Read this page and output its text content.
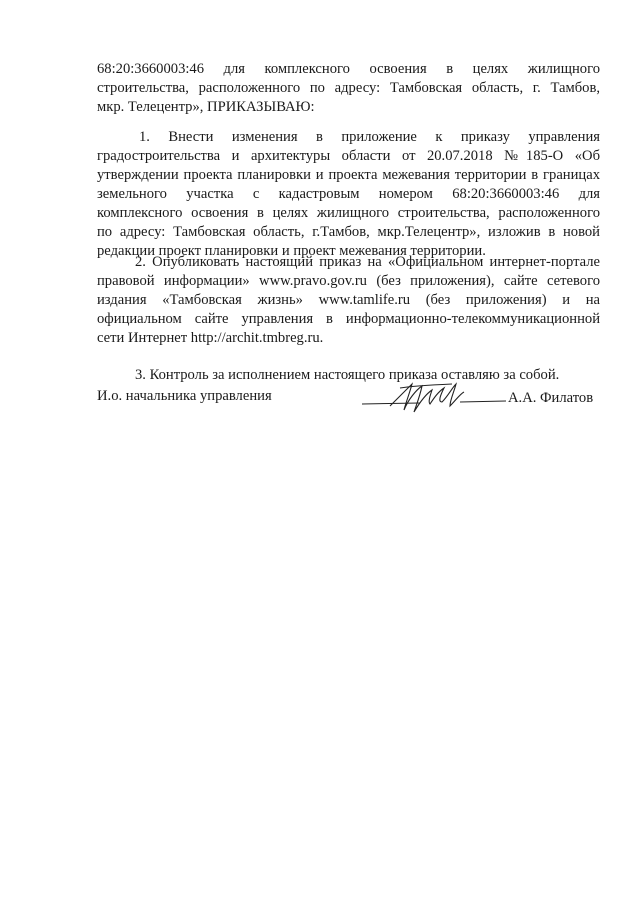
68:20:3660003:46 для комплексного освоения в целях жилищного
строительства, расположенного по адресу: Тамбовская область, г. Тамбов,
мкр. Телецентр», ПРИКАЗЫВАЮ:
1. Внести изменения в приложение к приказу управления
градостроительства и архитектуры области от 20.07.2018 №185-О «Об
утверждении проекта планировки и проекта межевания территории в границах
земельного участка с кадастровым номером 68:20:3660003:46 для
комплексного освоения в целях жилищного строительства, расположенного
по адресу: Тамбовская область, г.Тамбов, мкр.Телецентр», изложив в новой
редакции проект планировки и проект межевания территории.
2. Опубликовать настоящий приказ на «Официальном интернет-портале
правовой информации» www.pravo.gov.ru (без приложения), сайте сетевого
издания «Тамбовская жизнь» www.tamlife.ru (без приложения) и на
официальном сайте управления в информационно-телекоммуникационной
сети Интернет http://archit.tmbreg.ru.
3. Контроль за исполнением настоящего приказа оставляю за собой.
И.о. начальника управления	А.А. Филатов
